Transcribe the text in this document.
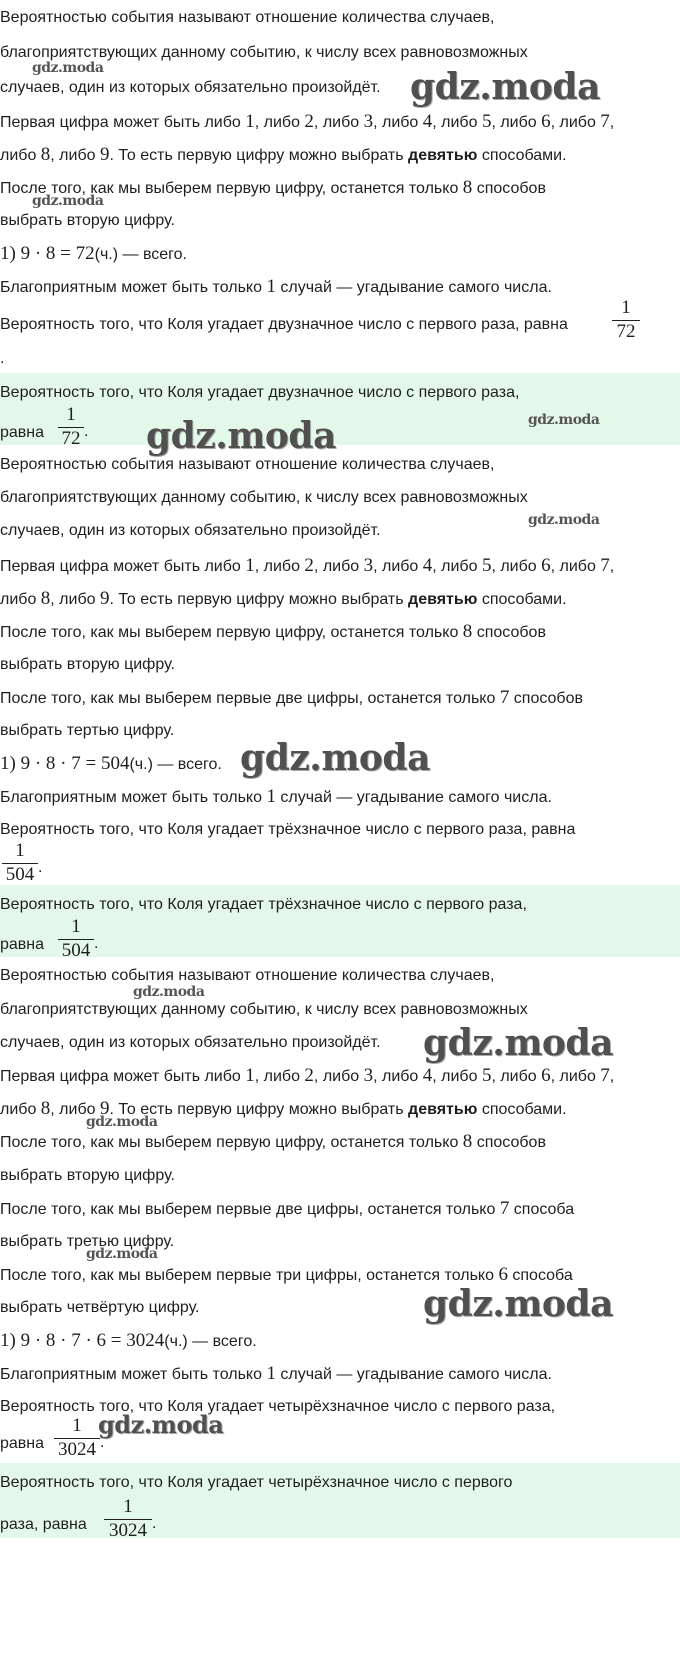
Вероятностью события называют отношение количества случаев,
благоприятствующих данному событию, к числу всех равновозможных
случаев, один из которых обязательно произойдёт.
Первая цифра может быть либо 1, либо 2, либо 3, либо 4, либо 5, либо 6, либо 7,
либо 8, либо 9. То есть первую цифру можно выбрать девятью способами.
После того, как мы выберем первую цифру, останется только 8 способов
выбрать вторую цифру.
1) 9 · 8 = 72(ч.) — всего.
Благоприятным может быть только 1 случай — угадывание самого числа.
Вероятность того, что Коля угадает двузначное число с первого раза, равна
1
72
.
Вероятность того, что Коля угадает двузначное число с первого раза,
равна
1
72 .
Вероятностью события называют отношение количества случаев,
благоприятствующих данному событию, к числу всех равновозможных
случаев, один из которых обязательно произойдёт.
Первая цифра может быть либо 1, либо 2, либо 3, либо 4, либо 5, либо 6, либо 7,
либо 8, либо 9. То есть первую цифру можно выбрать девятью способами.
После того, как мы выберем первую цифру, останется только 8 способов
выбрать вторую цифру.
После того, как мы выберем первые две цифры, останется только 7 способов
выбрать тертью цифру.
1) 9 · 8 · 7 = 504(ч.) — всего.
Благоприятным может быть только 1 случай — угадывание самого числа.
Вероятность того, что Коля угадает трёхзначное число с первого раза, равна
1
504 .
Вероятность того, что Коля угадает трёхзначное число с первого раза,
равна
1
504 .
Вероятностью события называют отношение количества случаев,
благоприятствующих данному событию, к числу всех равновозможных
случаев, один из которых обязательно произойдёт.
Первая цифра может быть либо 1, либо 2, либо 3, либо 4, либо 5, либо 6, либо 7,
либо 8, либо 9. То есть первую цифру можно выбрать девятью способами.
После того, как мы выберем первую цифру, останется только 8 способов
выбрать вторую цифру.
После того, как мы выберем первые две цифры, останется только 7 способа
выбрать третью цифру.
После того, как мы выберем первые три цифры, останется только 6 способа
выбрать четвёртую цифру.
1) 9 · 8 · 7 · 6 = 3024(ч.) — всего.
Благоприятным может быть только 1 случай — угадывание самого числа.
Вероятность того, что Коля угадает четырёхзначное число с первого раза,
равна
1
3024 .
Вероятность того, что Коля угадает четырёхзначное число с первого
раза, равна
1
3024 .
gdz.moda	gdz.moda
gdz.moda
gdz.moda
gdz.moda
gdz.moda
gdz.moda
gdz.moda
gdz.moda
gdz.moda
gdz.moda
gdz.moda
gdz.moda
